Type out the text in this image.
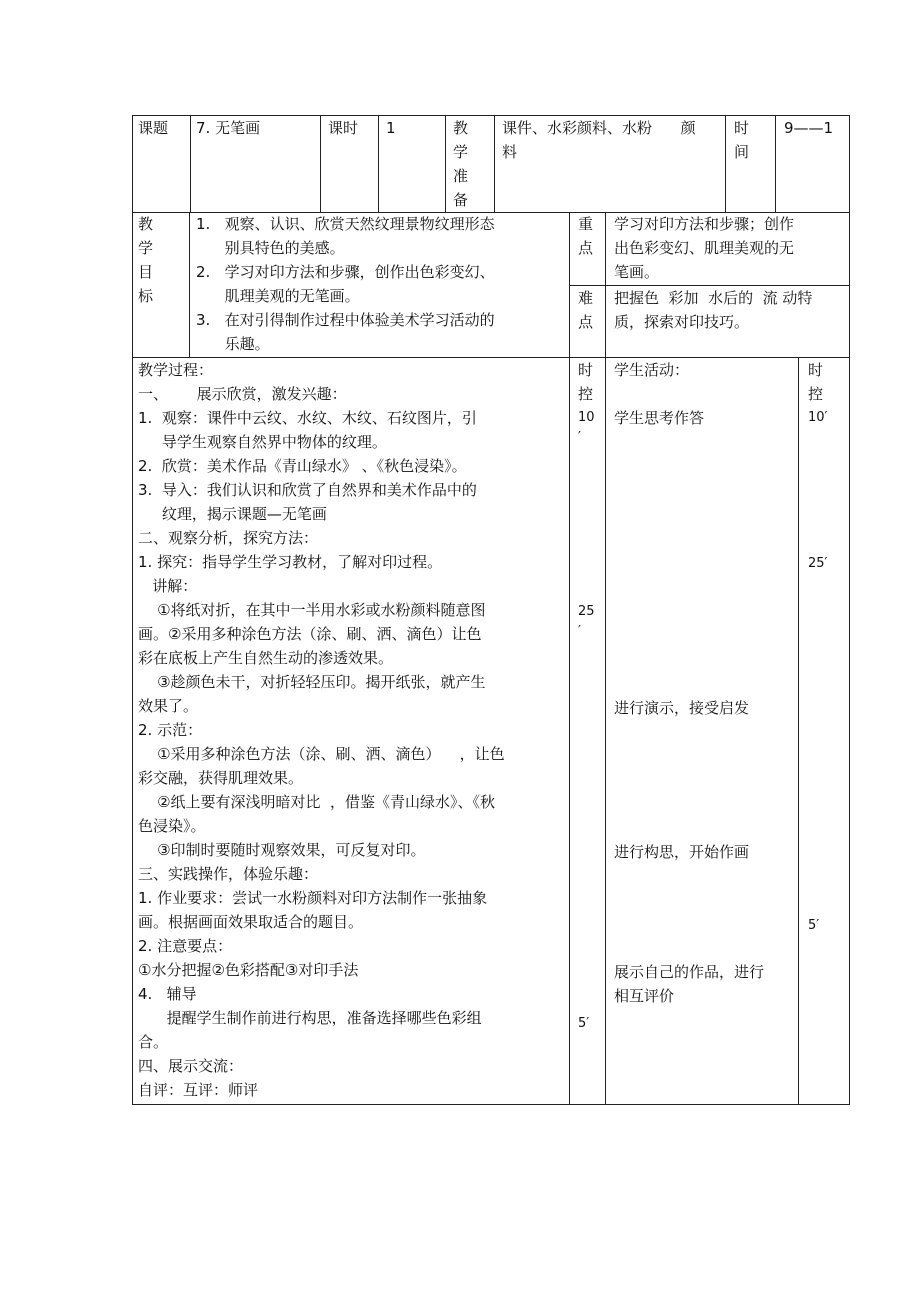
课题 7. 无笔画	课时 1	教
学
准
备
课件、水彩颜料、水粉      颜
料
时
间
9——1
教
学
目
标
1.   观察、认识、欣赏天然纹理景物纹理形态
别具特色的美感。
2.   学习对印方法和步骤，创作出色彩变幻、
肌理美观的无笔画。
3.   在对引得制作过程中体验美术学习活动的
乐趣。
重
点
学习对印方法和步骤；创作
出色彩变幻、肌理美观的无
笔画。
难
点
把握色  彩加  水后的  流 动特
质，探索对印技巧。
教学过程：
一、      展示欣赏，激发兴趣：
1.  观察：课件中云纹、水纹、木纹、石纹图片，引
导学生观察自然界中物体的纹理。
2.  欣赏：美术作品《青山绿水》 、《秋色浸染》。
3.  导入：我们认识和欣赏了自然界和美术作品中的
纹理，揭示课题—无笔画
二、观察分析，探究方法：
1. 探究：指导学生学习教材，了解对印过程。
讲解：
①将纸对折，在其中一半用水彩或水粉颜料随意图
画。②采用多种涂色方法（涂、刷、洒、滴色）让色
彩在底板上产生自然生动的渗透效果。
③趁颜色未干，对折轻轻压印。揭开纸张，就产生
效果了。
2. 示范：
①采用多种涂色方法（涂、刷、洒、滴色）    ，让色
彩交融，获得肌理效果。
②纸上要有深浅明暗对比  ，借鉴《青山绿水》、《秋
色浸染》。
③印制时要随时观察效果，可反复对印。
三、实践操作，体验乐趣：
1. 作业要求：尝试一水粉颜料对印方法制作一张抽象
画。根据画面效果取适合的题目。
2. 注意要点：
①水分把握②色彩搭配③对印手法
4.   辅导
提醒学生制作前进行构思，准备选择哪些色彩组
合。
四、展示交流：
自评：互评：师评
时
控
10
′
25
′
5′
学生活动：
学生思考作答
进行演示，接受启发
进行构思，开始作画
展示自己的作品，进行
相互评价
时
控
10′
25′
5′
